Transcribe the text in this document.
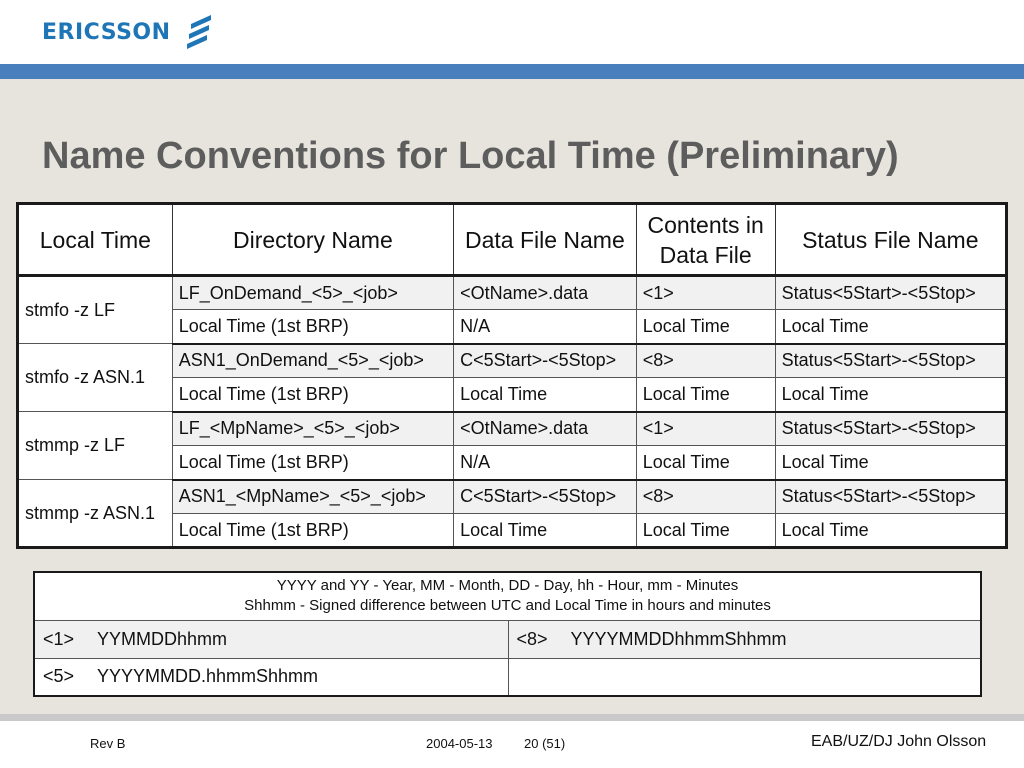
ERICSSON
Name Conventions for Local Time (Preliminary)
Local Time	Directory Name	Data File Name	Contents in Data File	Status File Name
stmfo -z LF	LF_OnDemand_<5>_<job>	<OtName>.data	<1>	Status<5Start>-<5Stop>
	Local Time (1st BRP)	N/A	Local Time	Local Time
stmfo -z ASN.1	ASN1_OnDemand_<5>_<job>	C<5Start>-<5Stop>	<8>	Status<5Start>-<5Stop>
	Local Time (1st BRP)	Local Time	Local Time	Local Time
stmmp -z LF	LF_<MpName>_<5>_<job>	<OtName>.data	<1>	Status<5Start>-<5Stop>
	Local Time (1st BRP)	N/A	Local Time	Local Time
stmmp -z ASN.1	ASN1_<MpName>_<5>_<job>	C<5Start>-<5Stop>	<8>	Status<5Start>-<5Stop>
	Local Time (1st BRP)	Local Time	Local Time	Local Time
YYYY and YY - Year, MM - Month, DD - Day, hh - Hour, mm - Minutes
Shhmm - Signed difference between UTC and Local Time in hours and minutes	

<1> YYMMDDhhmm	<8> YYYYMMDDhhmmShhmm
<5> YYYYMMDD.hhmmShhmm	
Rev B	2004-05-13 20 (51)	EAB/UZ/DJ John Olsson
